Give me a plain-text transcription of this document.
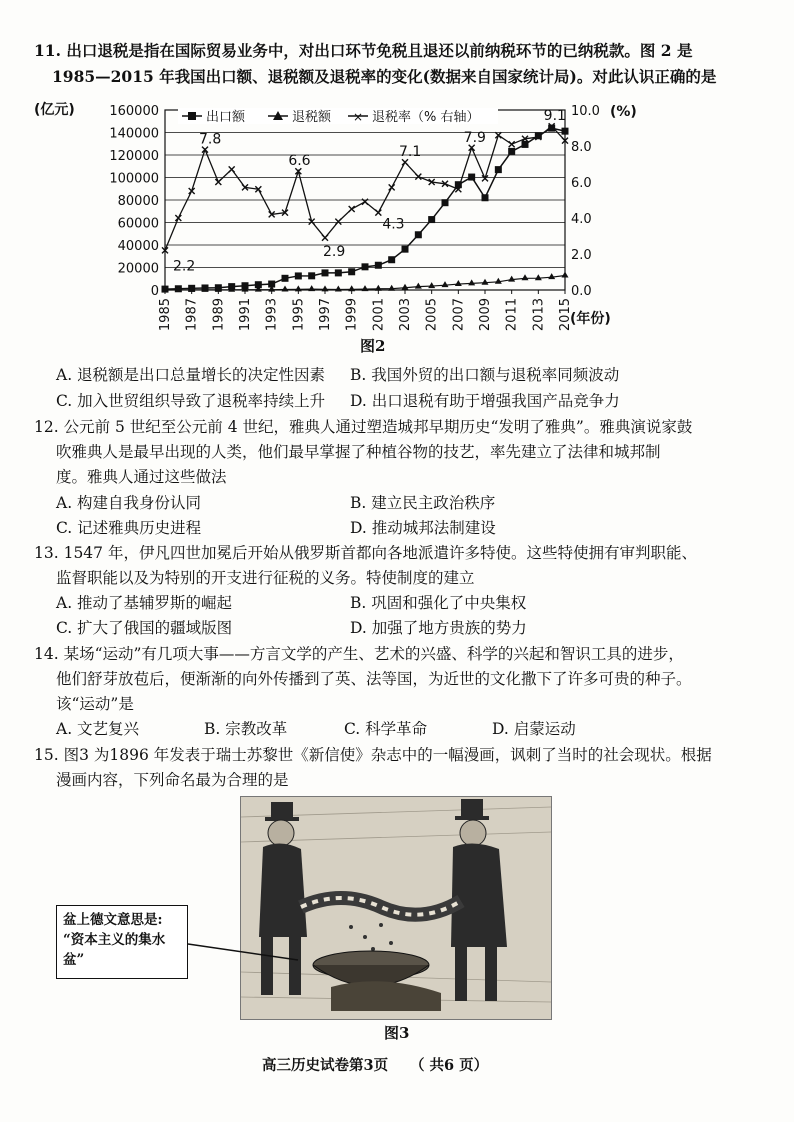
11. 出口退税是指在国际贸易业务中，对出口环节免税且退还以前纳税环节的已纳税款。图 2 是
1985—2015 年我国出口额、退税额及退税率的变化(数据来自国家统计局)。对此认识正确的是
(亿元)	(%)
(年份)
0
20000
40000
60000
80000
100000
120000
140000
160000
0.0
2.0
4.0
6.0
8.0
10.0
1985 1987 1989 1991 1993 1995 1997 1999 2001 2003 2005 2007 2009 2011 2013 2015
2.2
7.8
6.6
2.9
7.1
4.3
7.9
9.1
出口额	退税额 × 退税率（% 右轴）
图2
A. 退税额是出口总量增长的决定性因素 B. 我国外贸的出口额与退税率同频波动
C. 加入世贸组织导致了退税率持续上升 D. 出口退税有助于增强我国产品竞争力
12. 公元前 5 世纪至公元前 4 世纪，雅典人通过塑造城邦早期历史“发明了雅典”。雅典演说家鼓
吹雅典人是最早出现的人类，他们最早掌握了种植谷物的技艺，率先建立了法律和城邦制
度。雅典人通过这些做法
A. 构建自我身份认同	B. 建立民主政治秩序
C. 记述雅典历史进程	D. 推动城邦法制建设
13. 1547 年，伊凡四世加冕后开始从俄罗斯首都向各地派遣许多特使。这些特使拥有审判职能、
监督职能以及为特别的开支进行征税的义务。特使制度的建立
A. 推动了基辅罗斯的崛起	B. 巩固和强化了中央集权
C. 扩大了俄国的疆域版图	D. 加强了地方贵族的势力
14. 某场“运动”有几项大事——方言文学的产生、艺术的兴盛、科学的兴起和智识工具的进步，
他们舒芽放苞后，便渐渐的向外传播到了英、法等国，为近世的文化撒下了许多可贵的种子。
该“运动”是
A. 文艺复兴	B. 宗教改革	C. 科学革命	D. 启蒙运动
15. 图3 为1896 年发表于瑞士苏黎世《新信使》杂志中的一幅漫画，讽刺了当时的社会现状。根据
漫画内容，下列命名最为合理的是
盆上德文意思是:
“资本主义的集水
盆”
图3
高三历史试卷第3页 （ 共6 页）
